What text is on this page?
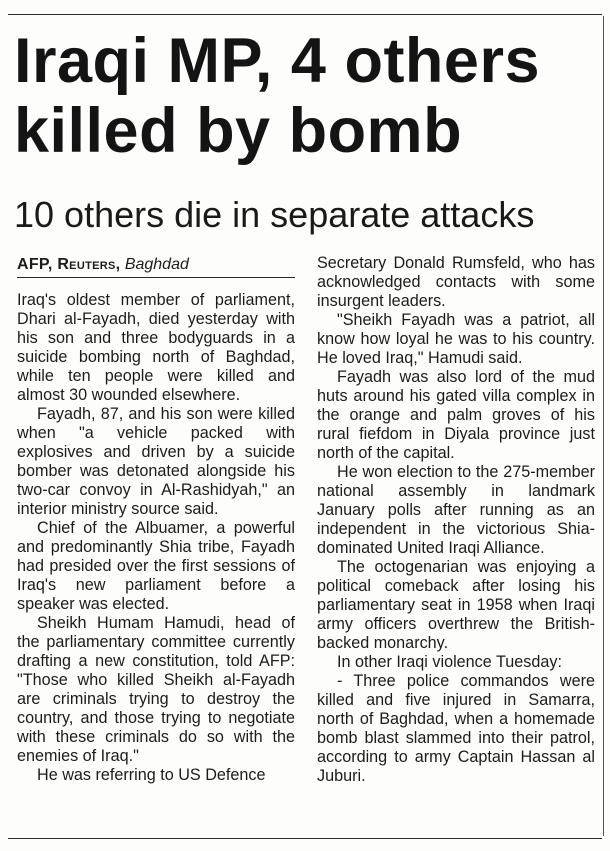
Iraqi MP, 4 others
killed by bomb
10 others die in separate attacks
AFP, Reuters, Baghdad

Iraq's oldest member of parliament, Dhari al-Fayadh, died yesterday with his son and three bodyguards in a suicide bombing north of Baghdad, while ten people were killed and almost 30 wounded elsewhere.

Fayadh, 87, and his son were killed when "a vehicle packed with explosives and driven by a suicide bomber was detonated alongside his two-car convoy in Al-Rashidyah," an interior ministry source said.

Chief of the Albuamer, a powerful and predominantly Shia tribe, Fayadh had presided over the first sessions of Iraq's new parliament before a speaker was elected.

Sheikh Humam Hamudi, head of the parliamentary committee currently drafting a new constitution, told AFP: "Those who killed Sheikh al-Fayadh are criminals trying to destroy the country, and those trying to negotiate with these criminals do so with the enemies of Iraq."

He was referring to US Defence

Secretary Donald Rumsfeld, who has acknowledged contacts with some insurgent leaders.

"Sheikh Fayadh was a patriot, all know how loyal he was to his country. He loved Iraq," Hamudi said.

Fayadh was also lord of the mud huts around his gated villa complex in the orange and palm groves of his rural fiefdom in Diyala province just north of the capital.

He won election to the 275-member national assembly in landmark January polls after running as an independent in the victorious Shia-dominated United Iraqi Alliance.

The octogenarian was enjoying a political comeback after losing his parliamentary seat in 1958 when Iraqi army officers overthrew the British-backed monarchy.

In other Iraqi violence Tuesday:

- Three police commandos were killed and five injured in Samarra, north of Baghdad, when a homemade bomb blast slammed into their patrol, according to army Captain Hassan al Juburi.
